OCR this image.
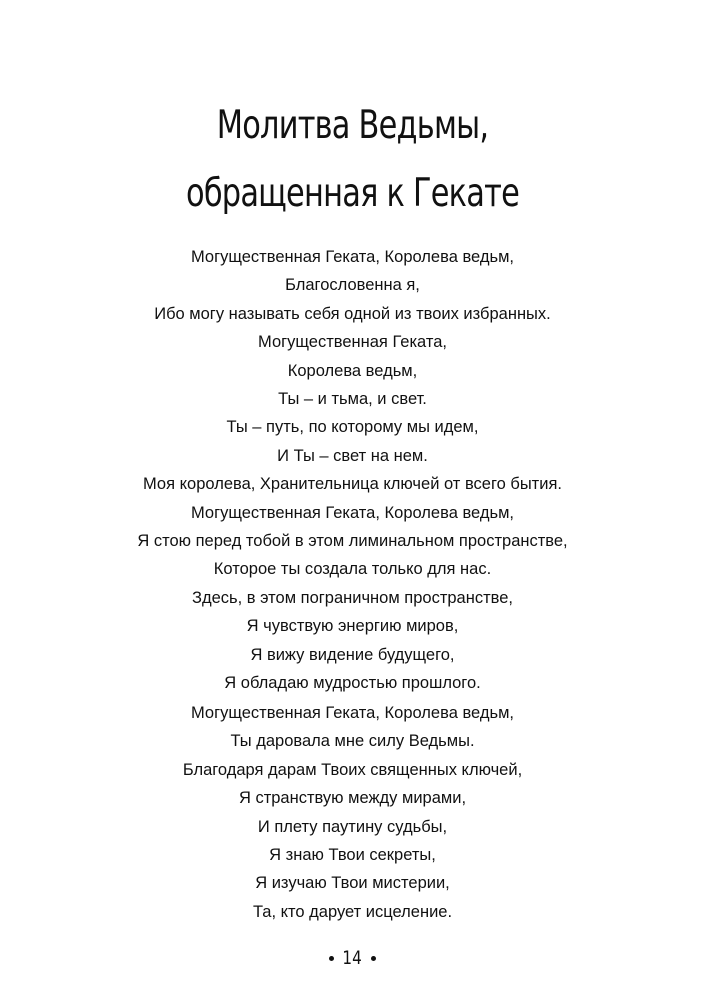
Молитва Ведьмы,
обращенная к Гекате
Могущественная Геката, Королева ведьм,
Благословенна я,
Ибо могу называть себя одной из твоих избранных.
Могущественная Геката,
Королева ведьм,
Ты – и тьма, и свет.
Ты – путь, по которому мы идем,
И Ты – свет на нем.
Моя королева, Хранительница ключей от всего бытия.
Могущественная Геката, Королева ведьм,
Я стою перед тобой в этом лиминальном пространстве,
Которое ты создала только для нас.
Здесь, в этом пограничном пространстве,
Я чувствую энергию миров,
Я вижу видение будущего,
Я обладаю мудростью прошлого.
Могущественная Геката, Королева ведьм,
Ты даровала мне силу Ведьмы.
Благодаря дарам Твоих священных ключей,
Я странствую между мирами,
И плету паутину судьбы,
Я знаю Твои секреты,
Я изучаю Твои мистерии,
Та, кто дарует исцеление.
14
